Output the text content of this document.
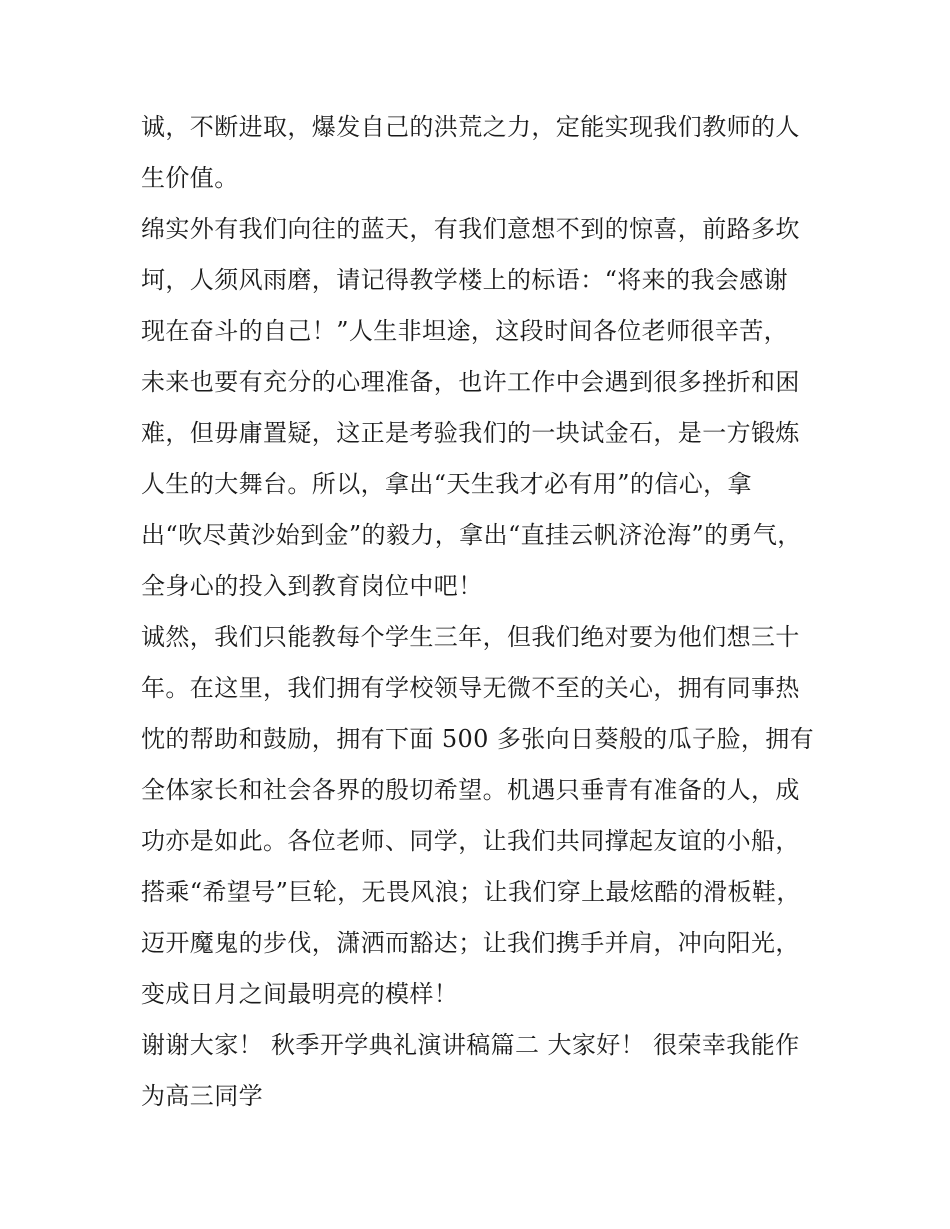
诚，不断进取，爆发自己的洪荒之力，定能实现我们教师的人
生价值。
绵实外有我们向往的蓝天，有我们意想不到的惊喜，前路多坎
坷，人须风雨磨，请记得教学楼上的标语：“将来的我会感谢
现在奋斗的自己！”人生非坦途，这段时间各位老师很辛苦，
未来也要有充分的心理准备，也许工作中会遇到很多挫折和困
难，但毋庸置疑，这正是考验我们的一块试金石，是一方锻炼
人生的大舞台。所以，拿出“天生我才必有用”的信心，拿
出“吹尽黄沙始到金”的毅力，拿出“直挂云帆济沧海”的勇气，
全身心的投入到教育岗位中吧！
诚然，我们只能教每个学生三年，但我们绝对要为他们想三十
年。在这里，我们拥有学校领导无微不至的关心，拥有同事热
忱的帮助和鼓励，拥有下面 500 多张向日葵般的瓜子脸，拥有
全体家长和社会各界的殷切希望。机遇只垂青有准备的人，成
功亦是如此。各位老师、同学，让我们共同撑起友谊的小船，
搭乘“希望号”巨轮，无畏风浪；让我们穿上最炫酷的滑板鞋，
迈开魔鬼的步伐，潇洒而豁达；让我们携手并肩，冲向阳光，
变成日月之间最明亮的模样！
谢谢大家！ 秋季开学典礼演讲稿篇二 大家好！ 很荣幸我能作
为高三同学
